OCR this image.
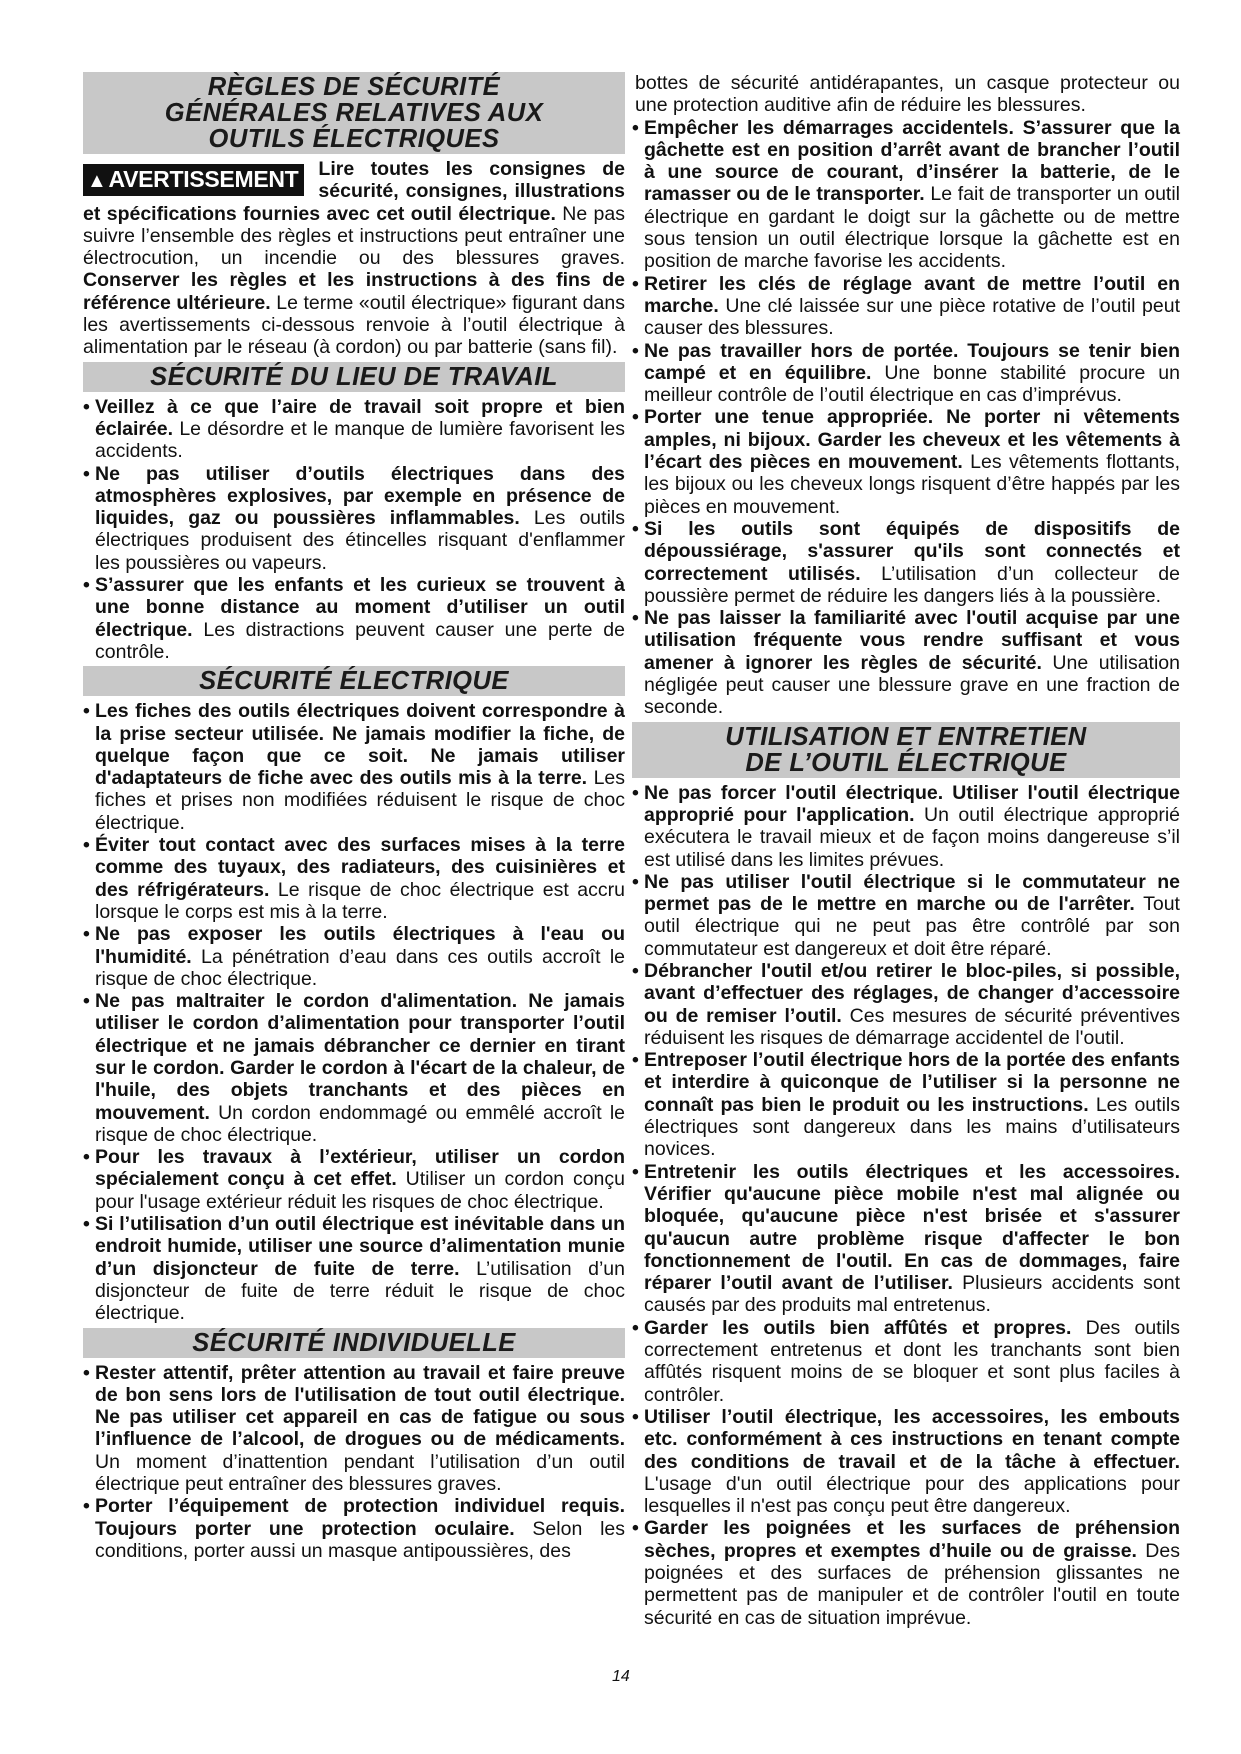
RÈGLES DE SÉCURITÉ
GÉNÉRALES RELATIVES AUX
OUTILS ÉLECTRIQUES
▲AVERTISSEMENT	Lire toutes les consignes de sécurité, consignes, illustrations et spécifications fournies avec cet outil électrique. Ne pas suivre l’ensemble des règles et instructions peut entraîner une électrocution, un incendie ou des blessures graves. Conserver les règles et les instructions à des fins de référence ultérieure. Le terme «outil électrique» figurant dans les avertissements ci-dessous renvoie à l’outil électrique à alimentation par le réseau (à cordon) ou par batterie (sans fil).

SÉCURITÉ DU LIEU DE TRAVAIL

• Veillez à ce que l’aire de travail soit propre et bien éclairée. Le désordre et le manque de lumière favorisent les accidents.

• Ne pas utiliser d’outils électriques dans des atmosphères explosives, par exemple en présence de liquides, gaz ou poussières inflammables. Les outils électriques produisent des étincelles risquant d'enflammer les poussières ou vapeurs.

• S’assurer que les enfants et les curieux se trouvent à une bonne distance au moment d’utiliser un outil électrique. Les distractions peuvent causer une perte de contrôle.

SÉCURITÉ ÉLECTRIQUE

• Les fiches des outils électriques doivent correspondre à la prise secteur utilisée. Ne jamais modifier la fiche, de quelque façon que ce soit. Ne jamais utiliser d'adaptateurs de fiche avec des outils mis à la terre. Les fiches et prises non modifiées réduisent le risque de choc électrique.

• Éviter tout contact avec des surfaces mises à la terre comme des tuyaux, des radiateurs, des cuisinières et des réfrigérateurs. Le risque de choc électrique est accru lorsque le corps est mis à la terre.

• Ne pas exposer les outils électriques à l'eau ou l'humidité. La pénétration d’eau dans ces outils accroît le risque de choc électrique.

• Ne pas maltraiter le cordon d'alimentation. Ne jamais utiliser le cordon d’alimentation pour transporter l’outil électrique et ne jamais débrancher ce dernier en tirant sur le cordon. Garder le cordon à l'écart de la chaleur, de l'huile, des objets tranchants et des pièces en mouvement. Un cordon endommagé ou emmêlé accroît le risque de choc électrique.

• Pour les travaux à l’extérieur, utiliser un cordon spécialement conçu à cet effet. Utiliser un cordon conçu pour l'usage extérieur réduit les risques de choc électrique.

• Si l’utilisation d’un outil électrique est inévitable dans un endroit humide, utiliser une source d’alimentation munie d’un disjoncteur de fuite de terre. L’utilisation d’un disjoncteur de fuite de terre réduit le risque de choc électrique.

SÉCURITÉ INDIVIDUELLE

• Rester attentif, prêter attention au travail et faire preuve de bon sens lors de l'utilisation de tout outil électrique. Ne pas utiliser cet appareil en cas de fatigue ou sous l’influence de l’alcool, de drogues ou de médicaments. Un moment d’inattention pendant l’utilisation d’un outil électrique peut entraîner des blessures graves.

• Porter l’équipement de protection individuel requis. Toujours porter une protection oculaire. Selon les conditions, porter aussi un masque antipoussières, des

bottes de sécurité antidérapantes, un casque protecteur ou une protection auditive afin de réduire les blessures.

• Empêcher les démarrages accidentels. S’assurer que la gâchette est en position d’arrêt avant de brancher l’outil à une source de courant, d’insérer la batterie, de le ramasser ou de le transporter. Le fait de transporter un outil électrique en gardant le doigt sur la gâchette ou de mettre sous tension un outil électrique lorsque la gâchette est en position de marche favorise les accidents.

• Retirer les clés de réglage avant de mettre l’outil en marche. Une clé laissée sur une pièce rotative de l’outil peut causer des blessures.

• Ne pas travailler hors de portée. Toujours se tenir bien campé et en équilibre. Une bonne stabilité procure un meilleur contrôle de l’outil électrique en cas d’imprévus.

• Porter une tenue appropriée. Ne porter ni vêtements amples, ni bijoux. Garder les cheveux et les vêtements à l’écart des pièces en mouvement. Les vêtements flottants, les bijoux ou les cheveux longs risquent d’être happés par les pièces en mouvement.

• Si les outils sont équipés de dispositifs de dépoussiérage, s'assurer qu'ils sont connectés et correctement utilisés. L’utilisation d’un collecteur de poussière permet de réduire les dangers liés à la poussière.

• Ne pas laisser la familiarité avec l'outil acquise par une utilisation fréquente vous rendre suffisant et vous amener à ignorer les règles de sécurité. Une utilisation négligée peut causer une blessure grave en une fraction de seconde.

UTILISATION ET ENTRETIEN
DE L’OUTIL ÉLECTRIQUE

• Ne pas forcer l'outil électrique. Utiliser l'outil électrique approprié pour l'application. Un outil électrique approprié exécutera le travail mieux et de façon moins dangereuse s’il est utilisé dans les limites prévues.

• Ne pas utiliser l'outil électrique si le commutateur ne permet pas de le mettre en marche ou de l'arrêter. Tout outil électrique qui ne peut pas être contrôlé par son commutateur est dangereux et doit être réparé.

• Débrancher l'outil et/ou retirer le bloc-piles, si possible, avant d’effectuer des réglages, de changer d’accessoire ou de remiser l’outil. Ces mesures de sécurité préventives réduisent les risques de démarrage accidentel de l'outil.

• Entreposer l’outil électrique hors de la portée des enfants et interdire à quiconque de l’utiliser si la personne ne connaît pas bien le produit ou les instructions. Les outils électriques sont dangereux dans les mains d’utilisateurs novices.

• Entretenir les outils électriques et les accessoires. Vérifier qu'aucune pièce mobile n'est mal alignée ou bloquée, qu'aucune pièce n'est brisée et s'assurer qu'aucun autre problème risque d'affecter le bon fonctionnement de l'outil. En cas de dommages, faire réparer l’outil avant de l’utiliser. Plusieurs accidents sont causés par des produits mal entretenus.

• Garder les outils bien affûtés et propres. Des outils correctement entretenus et dont les tranchants sont bien affûtés risquent moins de se bloquer et sont plus faciles à contrôler.

• Utiliser l’outil électrique, les accessoires, les embouts etc. conformément à ces instructions en tenant compte des conditions de travail et de la tâche à effectuer. L'usage d'un outil électrique pour des applications pour lesquelles il n'est pas conçu peut être dangereux.

• Garder les poignées et les surfaces de préhension sèches, propres et exemptes d’huile ou de graisse. Des poignées et des surfaces de préhension glissantes ne permettent pas de manipuler et de contrôler l'outil en toute sécurité en cas de situation imprévue.

14
